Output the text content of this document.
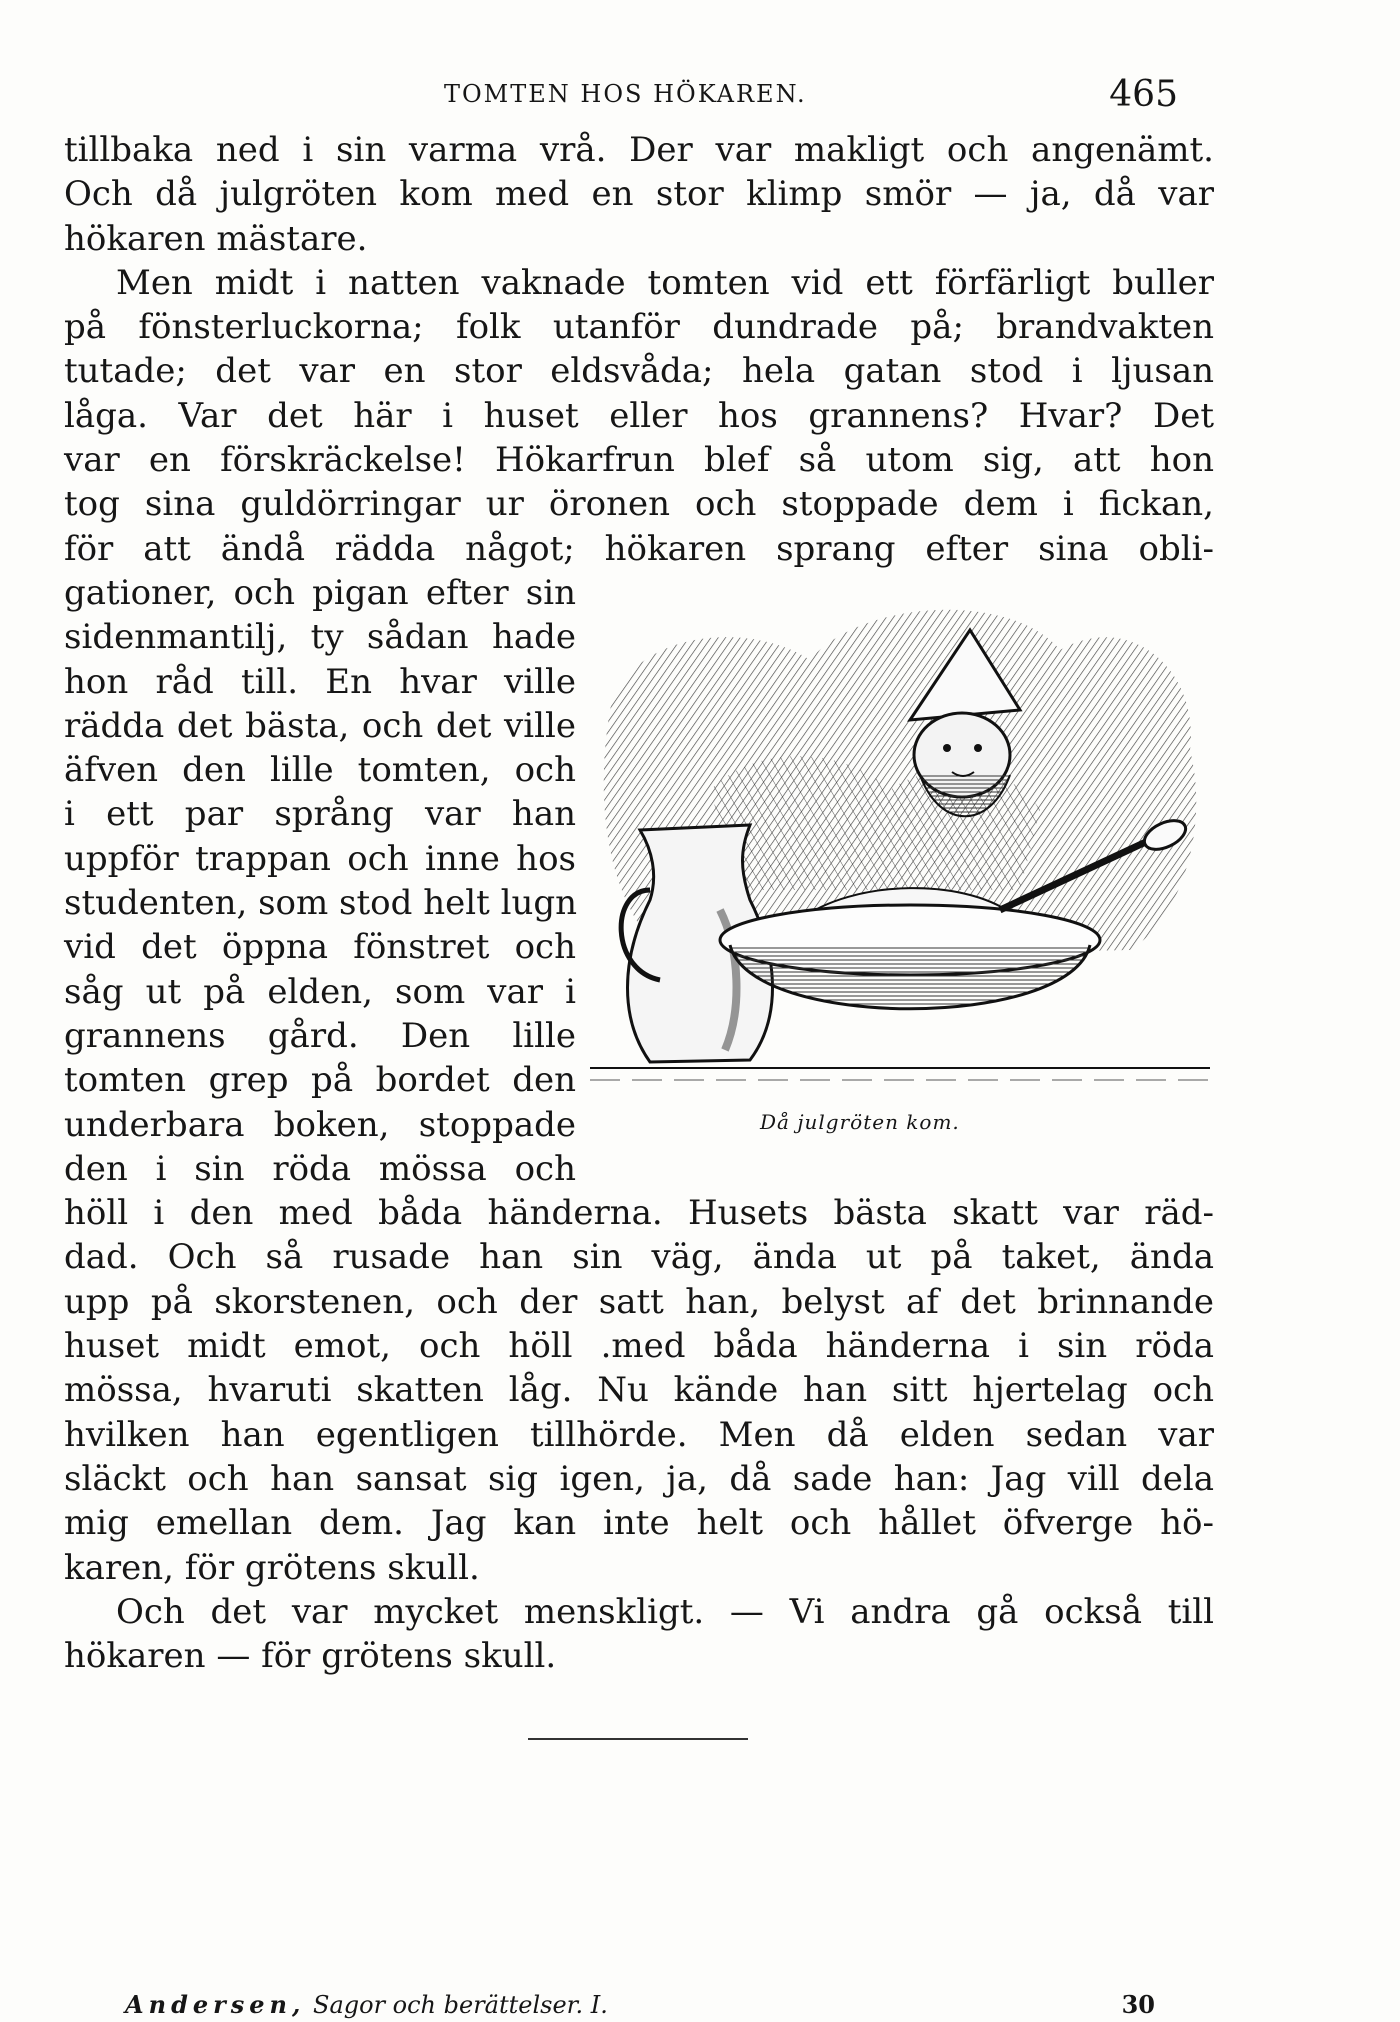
TOMTEN HOS HÖKAREN.	465
tillbaka ned i sin varma vrå. Der var makligt och angenämt.
Och då julgröten kom med en stor klimp smör — ja, då var
hökaren mästare.
Men midt i natten vaknade tomten vid ett förfärligt buller
på fönsterluckorna; folk utanför dundrade på; brandvakten
tutade; det var en stor eldsvåda; hela gatan stod i ljusan
låga. Var det här i huset eller hos grannens? Hvar? Det
var en förskräckelse! Hökarfrun blef så utom sig, att hon
tog sina guldörringar ur öronen och stoppade dem i fickan,
för att ändå rädda något; hökaren sprang efter sina obli-
gationer, och pigan efter sin
sidenmantilj, ty sådan hade
hon råd till. En hvar ville
rädda det bästa, och det ville
äfven den lille tomten, och
i ett par språng var han
uppför trappan och inne hos
studenten, som stod helt lugn
vid det öppna fönstret och
såg ut på elden, som var i
grannens gård. Den lille
tomten grep på bordet den
underbara boken, stoppade
den i sin röda mössa och
höll i den med båda händerna. Husets bästa skatt var räd-
dad. Och så rusade han sin väg, ända ut på taket, ända
upp på skorstenen, och der satt han, belyst af det brinnande
huset midt emot, och höll .med båda händerna i sin röda
mössa, hvaruti skatten låg. Nu kände han sitt hjertelag och
hvilken han egentligen tillhörde. Men då elden sedan var
släckt och han sansat sig igen, ja, då sade han: Jag vill dela
mig emellan dem. Jag kan inte helt och hållet öfverge hö-
karen, för grötens skull.
Och det var mycket menskligt. — Vi andra gå också till
hökaren — för grötens skull.
Då julgröten kom.
Andersen, Sagor och berättelser. I.	30
